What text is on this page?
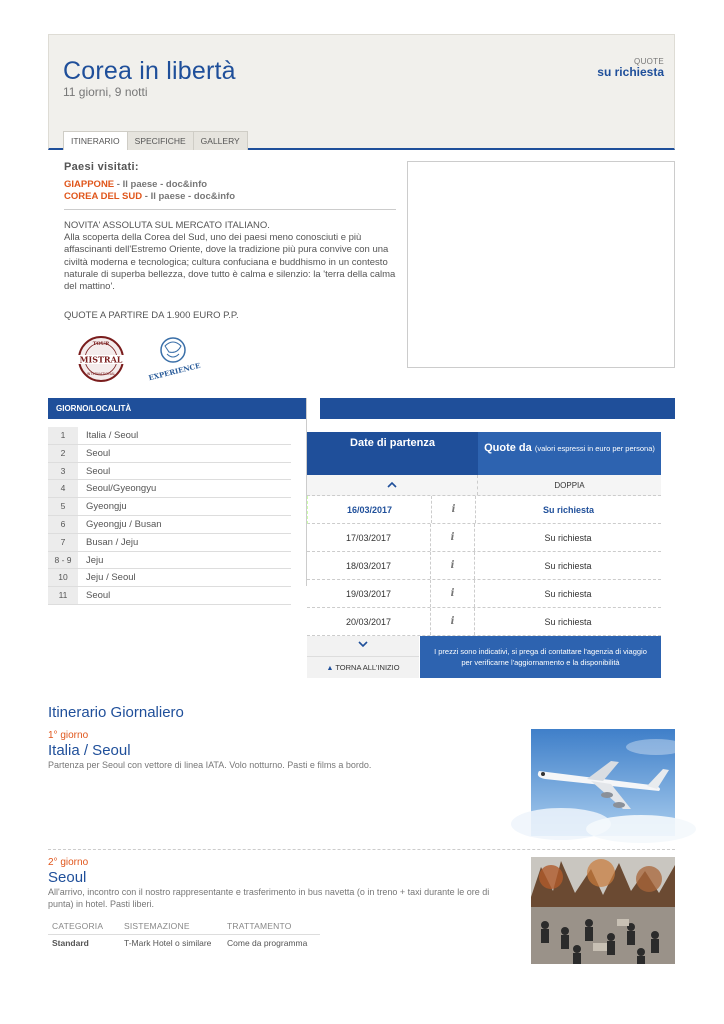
Corea in libertà
11 giorni, 9 notti
QUOTE
su richiesta
ITINERARIO	SPECIFICHE	GALLERY
Paesi visitati:
GIAPPONE - Il paese - doc&info
COREA DEL SUD - Il paese - doc&info

NOVITA' ASSOLUTA SUL MERCATO ITALIANO.

Alla scoperta della Corea del Sud, uno dei paesi meno conosciuti e più affascinanti dell'Estremo Oriente, dove la tradizione più pura convive con una civiltà moderna e tecnologica; cultura confuciana e buddhismo in un contesto naturale di superba bellezza, dove tutto è calma e silenzio: la 'terra della calma del mattino'.

QUOTE A PARTIRE DA 1.900 EURO P.P.
TOUR
MISTRAL
INTERNATIONAL	EXPERIENCE
GIORNO/LOCALITÀ
1	Italia / Seoul
2	Seoul
3	Seoul
4	Seoul/Gyeongyu
5	Gyeongju
6	Gyeongju / Busan
7	Busan / Jeju
8 - 9	Jeju
10	Jeju / Seoul
11	Seoul
Date di partenza	Quote da (valori espressi in euro per persona)
DOPPIA
16/03/2017	i	Su richiesta
17/03/2017	i	Su richiesta
18/03/2017	i	Su richiesta
19/03/2017	i	Su richiesta
20/03/2017	i	Su richiesta
▲ TORNA ALL'INIZIO
I prezzi sono indicativi, si prega di contattare l'agenzia di viaggio per verificarne l'aggiornamento e la disponibilità
Itinerario Giornaliero
1° giorno
Italia / Seoul
Partenza per Seoul con vettore di linea IATA. Volo notturno. Pasti e films a bordo.
2° giorno
Seoul
All'arrivo, incontro con il nostro rappresentante e trasferimento in bus navetta (o in treno + taxi durante le ore di punta) in hotel. Pasti liberi.
CATEGORIA	SISTEMAZIONE	TRATTAMENTO
Standard	T-Mark Hotel o similare	Come da programma
